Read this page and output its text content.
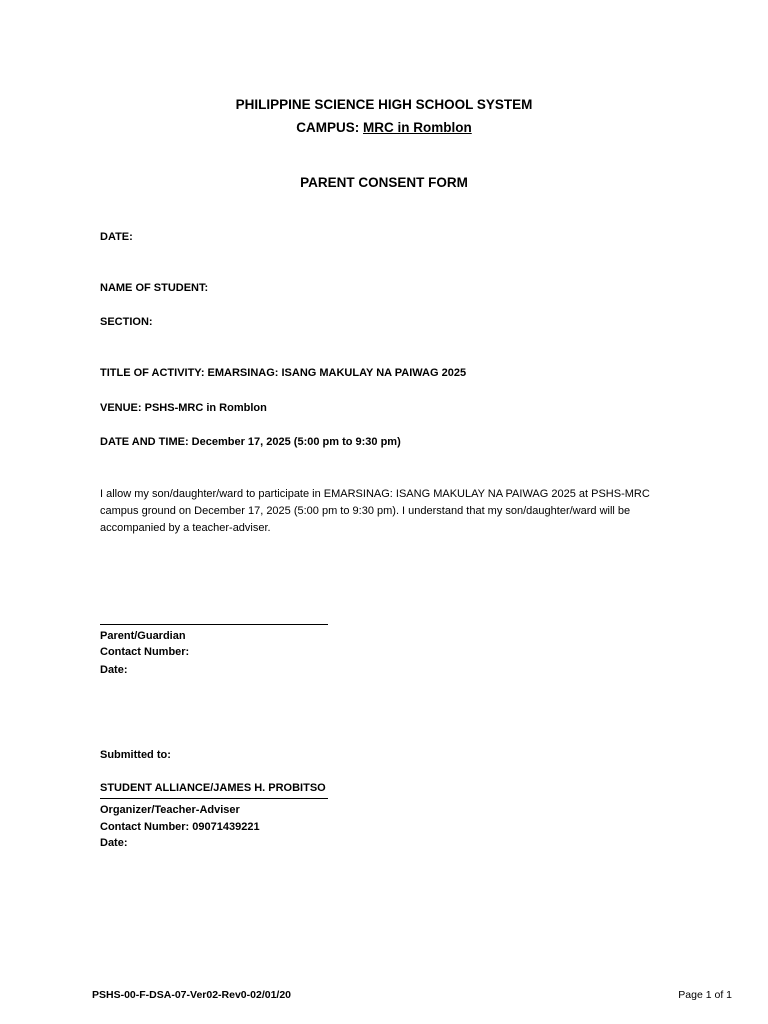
PHILIPPINE SCIENCE HIGH SCHOOL SYSTEM
CAMPUS: MRC in Romblon
PARENT CONSENT FORM
DATE:
NAME OF STUDENT:
SECTION:
TITLE OF ACTIVITY: EMARSINAG: ISANG MAKULAY NA PAIWAG 2025
VENUE: PSHS-MRC in Romblon
DATE AND TIME: December 17, 2025 (5:00 pm to 9:30 pm)
I allow my son/daughter/ward to participate in EMARSINAG: ISANG MAKULAY NA PAIWAG 2025 at PSHS-MRC campus ground on December 17, 2025 (5:00 pm to 9:30 pm). I understand that my son/daughter/ward will be accompanied by a teacher-adviser.
Parent/Guardian
Contact Number:
Date:
Submitted to:
STUDENT ALLIANCE/JAMES H. PROBITSO
Organizer/Teacher-Adviser
Contact Number: 09071439221
Date:
PSHS-00-F-DSA-07-Ver02-Rev0-02/01/20	Page 1 of 1
